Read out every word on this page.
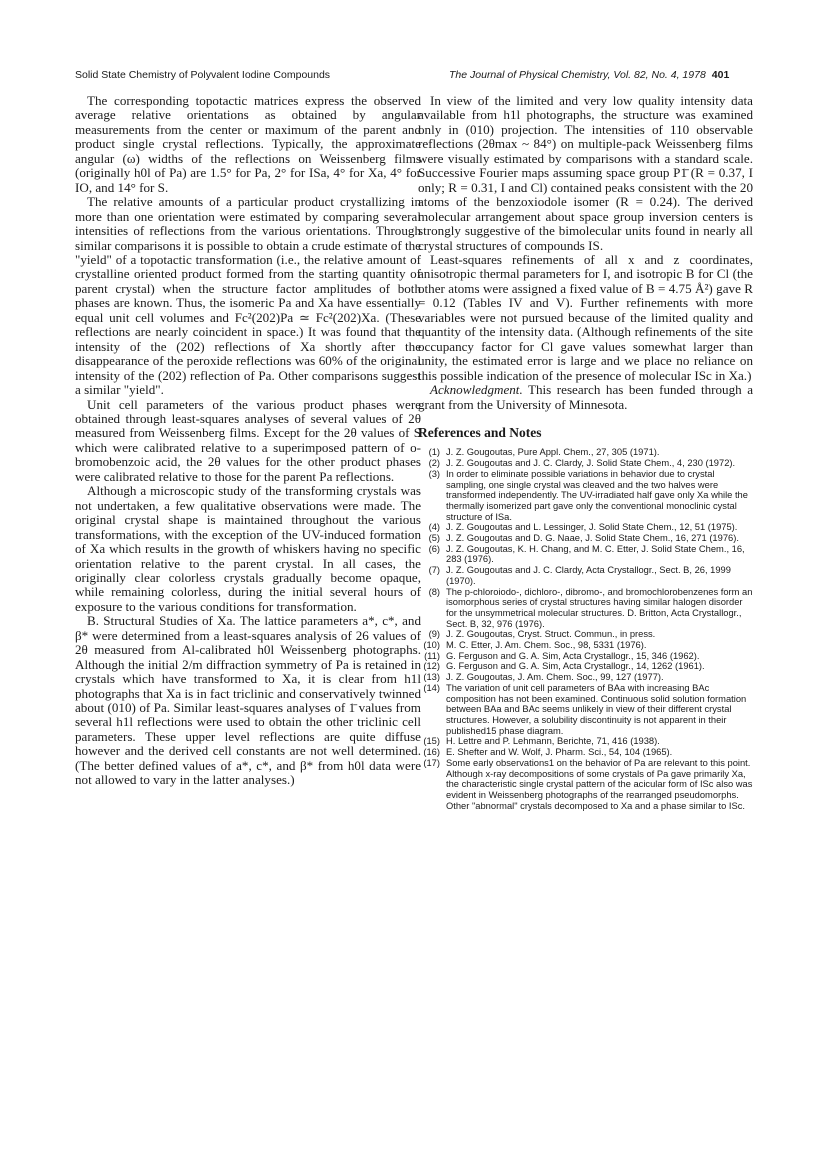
Solid State Chemistry of Polyvalent Iodine Compounds	The Journal of Physical Chemistry, Vol. 82, No. 4, 1978 401

The corresponding topotactic matrices express the observed average relative orientations as obtained by angular measurements from the center or maximum of the parent and product single crystal reflections. Typically, the approximate angular (ω) widths of the reflections on Weissenberg films (originally h0l of Pa) are 1.5° for Pa, 2° for ISa, 4° for Xa, 4° for IO, and 14° for S.

The relative amounts of a particular product crystallizing in more than one orientation were estimated by comparing several intensities of reflections from the various orientations. Through similar comparisons it is possible to obtain a crude estimate of the "yield" of a topotactic transformation (i.e., the relative amount of crystalline oriented product formed from the starting quantity of parent crystal) when the structure factor amplitudes of both phases are known. Thus, the isomeric Pa and Xa have essentially equal unit cell volumes and Fc²(202)Pa ≃ Fc²(202)Xa. (These reflections are nearly coincident in space.) It was found that the intensity of the (202) reflections of Xa shortly after the disappearance of the peroxide reflections was 60% of the original intensity of the (202) reflection of Pa. Other comparisons suggest a similar "yield".

Unit cell parameters of the various product phases were obtained through least-squares analyses of several values of 2θ measured from Weissenberg films. Except for the 2θ values of S which were calibrated relative to a superimposed pattern of o-bromobenzoic acid, the 2θ values for the other product phases were calibrated relative to those for the parent Pa reflections.

Although a microscopic study of the transforming crystals was not undertaken, a few qualitative observations were made. The original crystal shape is maintained throughout the various transformations, with the exception of the UV-induced formation of Xa which results in the growth of whiskers having no specific orientation relative to the parent crystal. In all cases, the originally clear colorless crystals gradually become opaque, while remaining colorless, during the initial several hours of exposure to the various conditions for transformation.

B. Structural Studies of Xa. The lattice parameters a*, c*, and β* were determined from a least-squares analysis of 26 values of 2θ measured from Al-calibrated h0l Weissenberg photographs. Although the initial 2/m diffraction symmetry of Pa is retained in crystals which have transformed to Xa, it is clear from h1l photographs that Xa is in fact triclinic and conservatively twinned about (010) of Pa. Similar least-squares analyses of 1̄ values from several h1l reflections were used to obtain the other triclinic cell parameters. These upper level reflections are quite diffuse however and the derived cell constants are not well determined. (The better defined values of a*, c*, and β* from h0l data were not allowed to vary in the latter analyses.)

In view of the limited and very low quality intensity data available from h1l photographs, the structure was examined only in (010) projection. The intensities of 110 observable reflections (2θmax ~ 84°) on multiple-pack Weissenberg films were visually estimated by comparisons with a standard scale. Successive Fourier maps assuming space group P1̄ (R = 0.37, I only; R = 0.31, I and Cl) contained peaks consistent with the 20 atoms of the benzoxiodole isomer (R = 0.24). The derived molecular arrangement about space group inversion centers is strongly suggestive of the bimolecular units found in nearly all crystal structures of compounds IS.

Least-squares refinements of all x and z coordinates, anisotropic thermal parameters for I, and isotropic B for Cl (the other atoms were assigned a fixed value of B = 4.75 Å²) gave R = 0.12 (Tables IV and V). Further refinements with more variables were not pursued because of the limited quality and quantity of the intensity data. (Although refinements of the site occupancy factor for Cl gave values somewhat larger than unity, the estimated error is large and we place no reliance on this possible indication of the presence of molecular ISc in Xa.)

Acknowledgment. This research has been funded through a grant from the University of Minnesota.

References and Notes
(1) J. Z. Gougoutas, Pure Appl. Chem., 27, 305 (1971).
(2) J. Z. Gougoutas and J. C. Clardy, J. Solid State Chem., 4, 230 (1972).
(3) In order to eliminate possible variations in behavior due to crystal sampling, one single crystal was cleaved and the two halves were transformed independently. The UV-irradiated half gave only Xa while the thermally isomerized part gave only the conventional monoclinic cystal structure of ISa.
(4) J. Z. Gougoutas and L. Lessinger, J. Solid State Chem., 12, 51 (1975).
(5) J. Z. Gougoutas and D. G. Naae, J. Solid State Chem., 16, 271 (1976).
(6) J. Z. Gougoutas, K. H. Chang, and M. C. Etter, J. Solid State Chem., 16, 283 (1976).
(7) J. Z. Gougoutas and J. C. Clardy, Acta Crystallogr., Sect. B, 26, 1999 (1970).
(8) The p-chloroiodo-, dichloro-, dibromo-, and bromochlorobenzenes form an isomorphous series of crystal structures having similar halogen disorder for the unsymmetrical molecular structures. D. Britton, Acta Crystallogr., Sect. B, 32, 976 (1976).
(9) J. Z. Gougoutas, Cryst. Struct. Commun., in press.
(10) M. C. Etter, J. Am. Chem. Soc., 98, 5331 (1976).
(11) G. Ferguson and G. A. Sim, Acta Crystallogr., 15, 346 (1962).
(12) G. Ferguson and G. A. Sim, Acta Crystallogr., 14, 1262 (1961).
(13) J. Z. Gougoutas, J. Am. Chem. Soc., 99, 127 (1977).
(14) The variation of unit cell parameters of BAa with increasing BAc composition has not been examined. Continuous solid solution formation between BAa and BAc seems unlikely in view of their different crystal structures. However, a solubility discontinuity is not apparent in their published15 phase diagram.
(15) H. Lettre and P. Lehmann, Berichte, 71, 416 (1938).
(16) E. Shefter and W. Wolf, J. Pharm. Sci., 54, 104 (1965).
(17) Some early observations1 on the behavior of Pa are relevant to this point. Although x-ray decompositions of some crystals of Pa gave primarily Xa, the characteristic single crystal pattern of the acicular form of ISc also was evident in Weissenberg photographs of the rearranged pseudomorphs. Other "abnormal" crystals decomposed to Xa and a phase similar to ISc.
